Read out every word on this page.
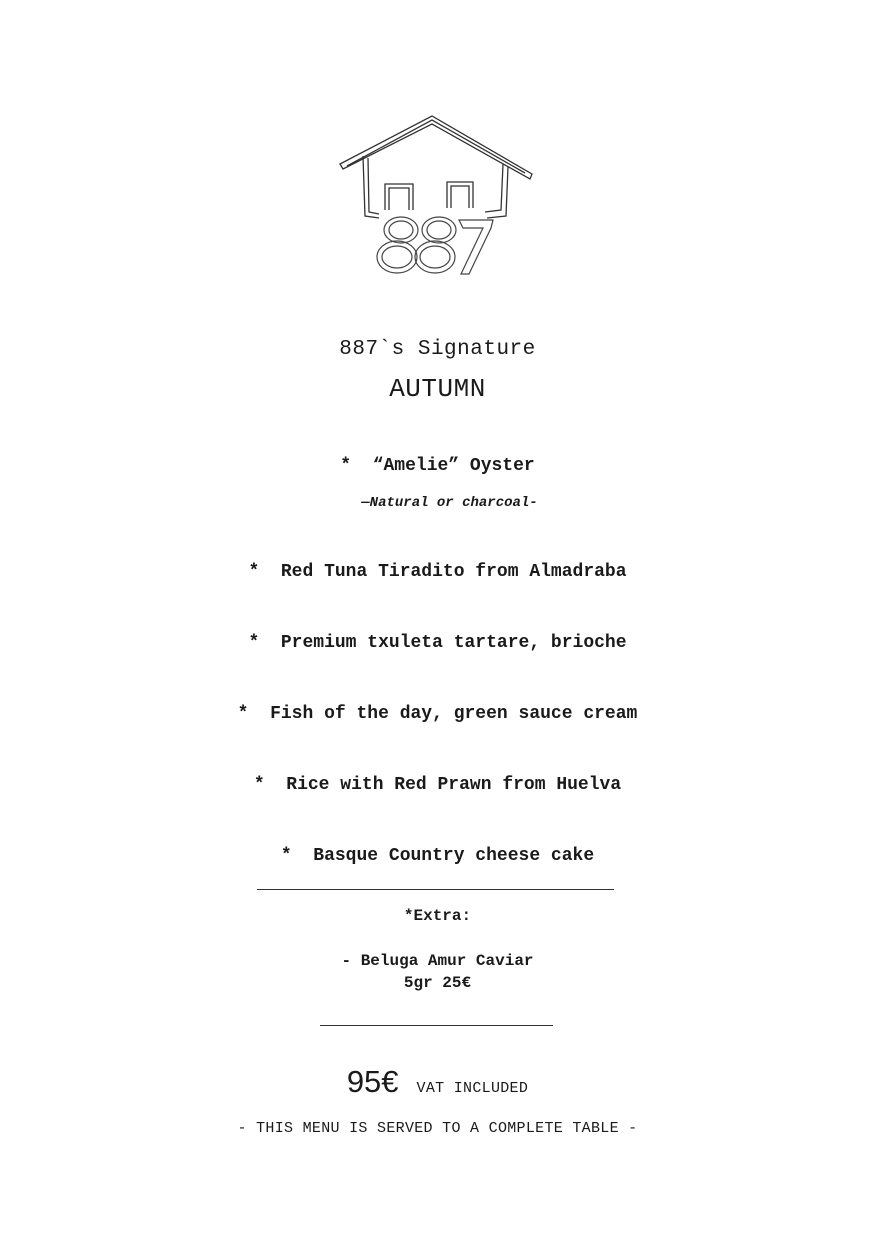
887`s Signature
AUTUMN
* “Amelie” Oyster
—Natural or charcoal-
* Red Tuna Tiradito from Almadraba
* Premium txuleta tartare, brioche
* Fish of the day, green sauce cream
* Rice with Red Prawn from Huelva
* Basque Country cheese cake
*Extra:
- Beluga Amur Caviar
5gr 25€
95€ VAT INCLUDED
- THIS MENU IS SERVED TO A COMPLETE TABLE -
